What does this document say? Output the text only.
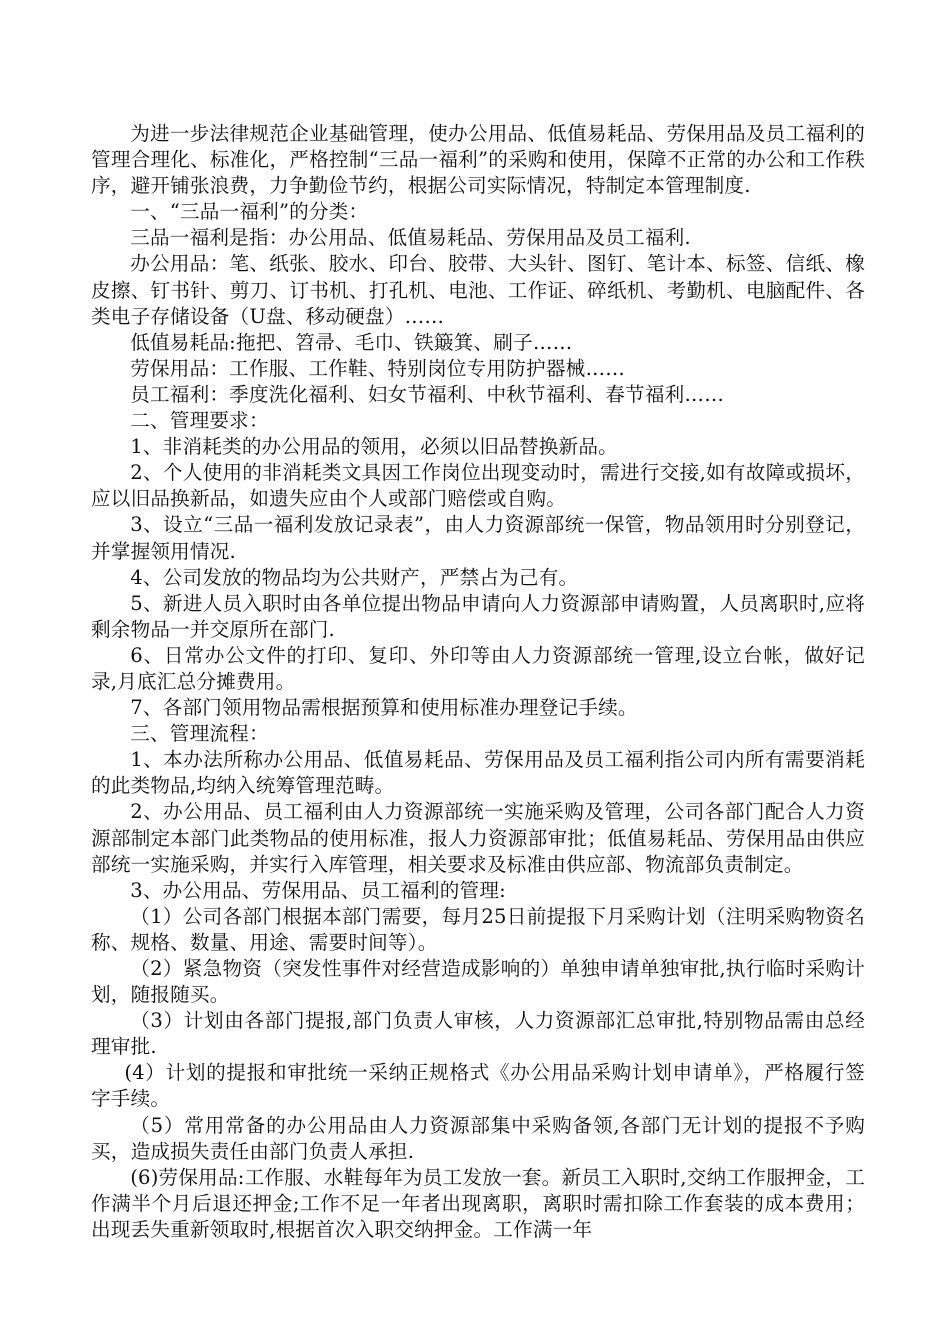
为进一步法律规范企业基础管理，使办公用品、低值易耗品、劳保用品及员工福利的管理合理化、标准化，严格控制“三品一福利”的采购和使用，保障不正常的办公和工作秩序，避开铺张浪费，力争勤俭节约，根据公司实际情况，特制定本管理制度.

一、“三品一福利”的分类：

三品一福利是指：办公用品、低值易耗品、劳保用品及员工福利.

办公用品：笔、纸张、胶水、印台、胶带、大头针、图钉、笔计本、标签、信纸、橡皮擦、钉书针、剪刀、订书机、打孔机、电池、工作证、碎纸机、考勤机、电脑配件、各类电子存储设备（U盘、移动硬盘）……

低值易耗品:拖把、笤帚、毛巾、铁簸箕、刷子……

劳保用品：工作服、工作鞋、特别岗位专用防护器械……

员工福利：季度洗化福利、妇女节福利、中秋节福利、春节福利……

二、管理要求：

1、非消耗类的办公用品的领用，必须以旧品替换新品。

2、个人使用的非消耗类文具因工作岗位出现变动时，需进行交接,如有故障或损坏，应以旧品换新品，如遗失应由个人或部门赔偿或自购。

3、设立“三品一福利发放记录表”，由人力资源部统一保管，物品领用时分别登记，并掌握领用情况.

4、公司发放的物品均为公共财产，严禁占为己有。

5、新进人员入职时由各单位提出物品申请向人力资源部申请购置，人员离职时,应将剩余物品一并交原所在部门.

6、日常办公文件的打印、复印、外印等由人力资源部统一管理,设立台帐，做好记录,月底汇总分摊费用。

7、各部门领用物品需根据预算和使用标准办理登记手续。

三、管理流程：

1、本办法所称办公用品、低值易耗品、劳保用品及员工福利指公司内所有需要消耗的此类物品,均纳入统筹管理范畴。

2、办公用品、员工福利由人力资源部统一实施采购及管理，公司各部门配合人力资源部制定本部门此类物品的使用标准，报人力资源部审批；低值易耗品、劳保用品由供应部统一实施采购，并实行入库管理，相关要求及标准由供应部、物流部负责制定。

3、办公用品、劳保用品、员工福利的管理:

（1）公司各部门根据本部门需要，每月25日前提报下月采购计划（注明采购物资名称、规格、数量、用途、需要时间等）。

（2）紧急物资（突发性事件对经营造成影响的）单独申请单独审批,执行临时采购计划，随报随买。

（3）计划由各部门提报,部门负责人审核，人力资源部汇总审批,特别物品需由总经理审批.

(4）计划的提报和审批统一采纳正规格式《办公用品采购计划申请单》，严格履行签字手续。

（5）常用常备的办公用品由人力资源部集中采购备领,各部门无计划的提报不予购买，造成损失责任由部门负责人承担.

(6)劳保用品:工作服、水鞋每年为员工发放一套。新员工入职时,交纳工作服押金，工作满半个月后退还押金;工作不足一年者出现离职，离职时需扣除工作套装的成本费用；出现丢失重新领取时,根据首次入职交纳押金。工作满一年
